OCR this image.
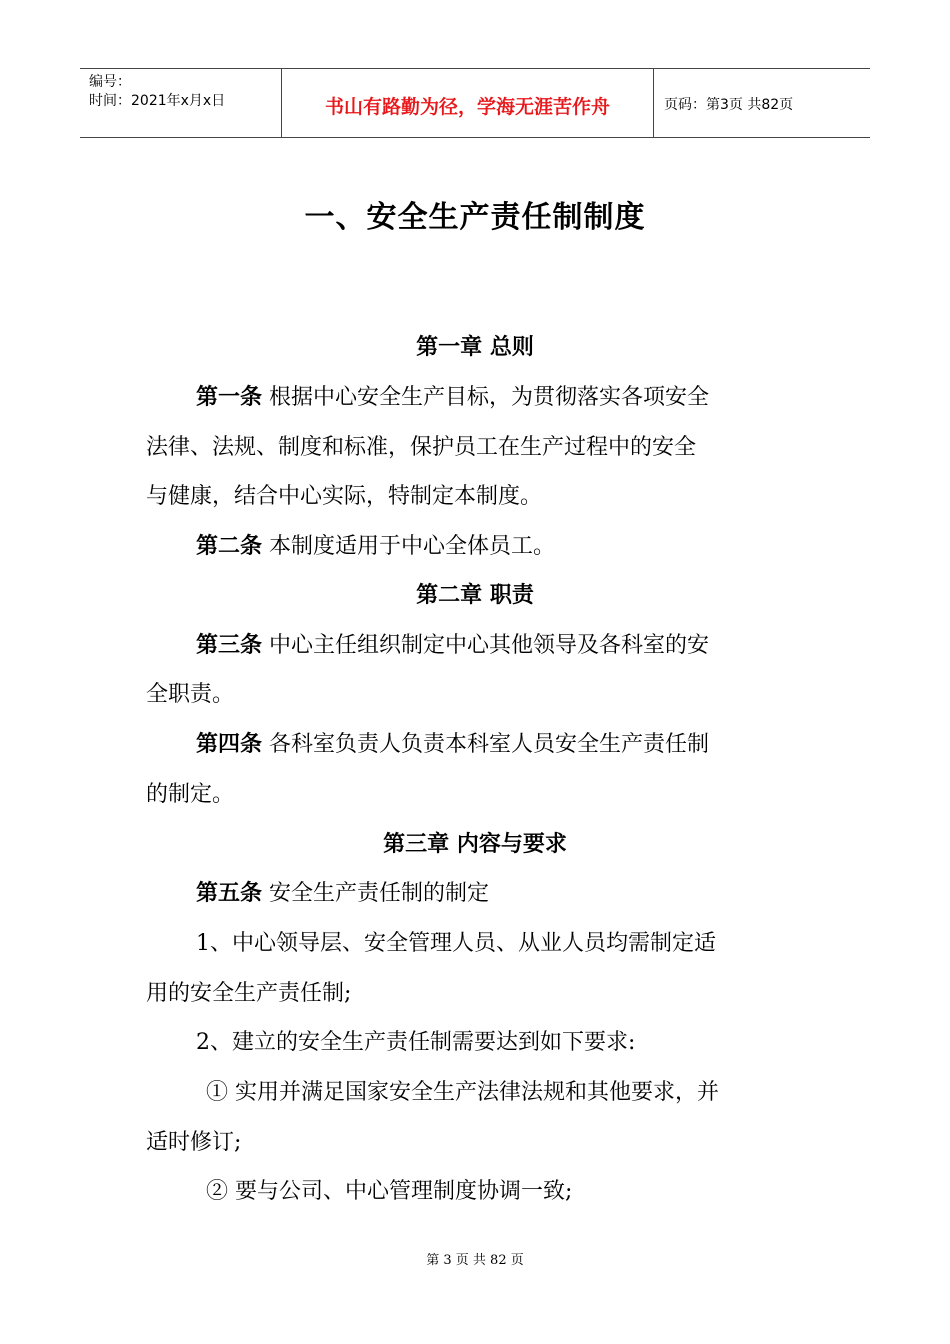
编号：
时间：2021年x月x日	书山有路勤为径，学海无涯苦作舟	页码：第3页 共82页
一、安全生产责任制制度
第一章 总则
第一条 根据中心安全生产目标，为贯彻落实各项安全
法律、法规、制度和标准，保护员工在生产过程中的安全
与健康，结合中心实际，特制定本制度。
第二条 本制度适用于中心全体员工。
第二章 职责
第三条 中心主任组织制定中心其他领导及各科室的安
全职责。
第四条 各科室负责人负责本科室人员安全生产责任制
的制定。
第三章 内容与要求
第五条 安全生产责任制的制定
1、中心领导层、安全管理人员、从业人员均需制定适
用的安全生产责任制;
2、建立的安全生产责任制需要达到如下要求:
① 实用并满足国家安全生产法律法规和其他要求，并
适时修订;
② 要与公司、中心管理制度协调一致;
第 3 页 共 82 页
